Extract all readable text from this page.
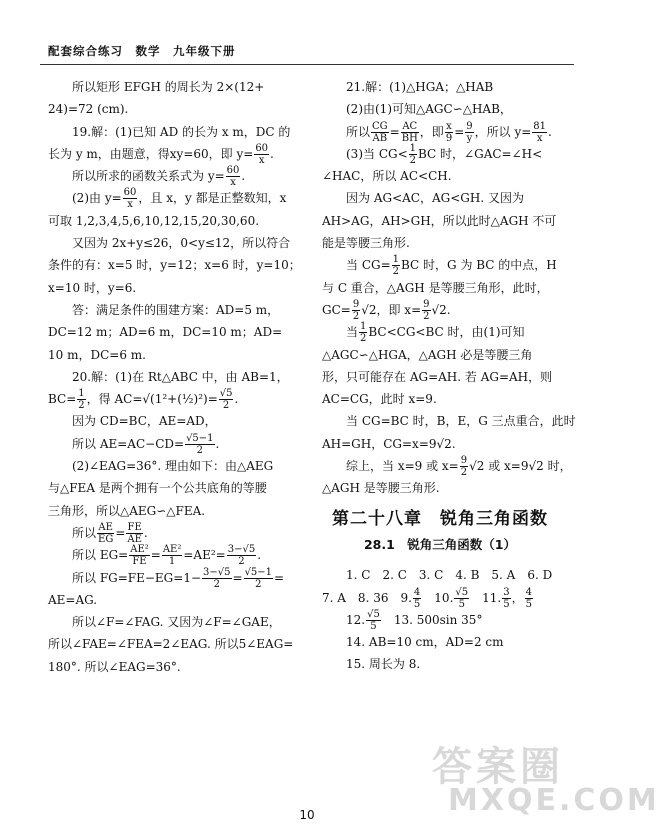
配套综合练习　数学　九年级下册
答案圈
MXQE.COM
所以矩形 EFGH 的周长为 2×(12+
24)=72 (cm).
19.解：(1)已知 AD 的长为 x m，DC 的
长为 y m，由题意，得xy=60，即 $y= \frac{60}{x}$ .
所以所求的函数关系式为 $y= \frac{60}{x}$ .
(2)由 $y= \frac{60}{x}$ ，且 x，y 都是正整数知，x
可取 1,2,3,4,5,6,10,12,15,20,30,60.
又因为 2x+y≤26，0<y≤12，所以符合
条件的有：x=5 时，y=12；x=6 时，y=10；
x=10 时，y=6.
答：满足条件的围建方案：AD=5 m，
DC=12 m；AD=6 m，DC=10 m；AD=
10 m，DC=6 m.
20.解：(1)在 Rt△ABC 中，由 AB=1，
$BC= \frac{1}{2}$ ，得 AC=√(1²+(½)²)= $\frac{√5}{2}$ .
因为 CD=BC，AE=AD，
所以 $AE=AC-CD= \frac{√5-1}{2}$ .
(2)∠EAG=36°. 理由如下：由△AEG
与△FEA 是两个拥有一个公共底角的等腰
三角形，所以△AEG∽△FEA.
所以 $\frac{AE}{EG} = \frac{FE}{AE}$ .
所以 $EG= \frac{\text{AE²}}{FE} = \frac{\text{AE²}}{1} =AE^2= \frac{3-√5}{2}$ .
所以 $FG=FE-EG=1- \frac{3-√5}{2} = \frac{√5-1}{2}$ =
AE=AG.
所以∠F=∠FAG. 又因为∠F=∠GAE，
所以∠FAE=∠FEA=2∠EAG. 所以5∠EAG=
180°. 所以∠EAG=36°.
21.解：(1)△HGA；△HAB
(2)由(1)可知△AGC∽△HAB，
所以 $\frac{CG}{AB} = \frac{AC}{BH}$ ，即 $\frac{x}{9} = \frac{9}{y}$ ，所以 $y= \frac{81}{x}$ .
(3)当 $CG< \frac{1}{2}$ BC 时，∠GAC=∠H<
∠HAC，所以 AC<CH.
因为 AG<AC，AG<GH. 又因为
AH>AG，AH>GH，所以此时△AGH 不可
能是等腰三角形.
当 $CG= \frac{1}{2}$ BC 时，G 为 BC 的中点，H
与 C 重合，△AGH 是等腰三角形，此时，
$GC= \frac{9}{2} √2$，即 $x= \frac{9}{2} √2$.
当 $\frac{1}{2} BC<CG<BC$ 时，由(1)可知
△AGC∽△HGA，△AGH 必是等腰三角
形，只可能存在 AG=AH. 若 AG=AH，则
AC=CG，此时 x=9.
当 CG=BC 时，B，E，G 三点重合，此时
AH=GH，CG=x=9√2.
综上，当 x=9 或 $x= \frac{9}{2} √2$ 或 x=9√2 时，
△AGH 是等腰三角形.
第二十八章　锐角三角函数
28.1　锐角三角函数（1）
1. C　2. C　3. C　4. B　5. A　6. D
7. A　8. 36　9. $\frac{4}{5}$ 　10. $\frac{√5}{5}$ 　11. $\frac{3}{5}$ ， $\frac{4}{5}$
12. $\frac{√5}{5}$ 　13. 500sin 35°
14. AB=10 cm，AD=2 cm
15. 周长为 8.
10
